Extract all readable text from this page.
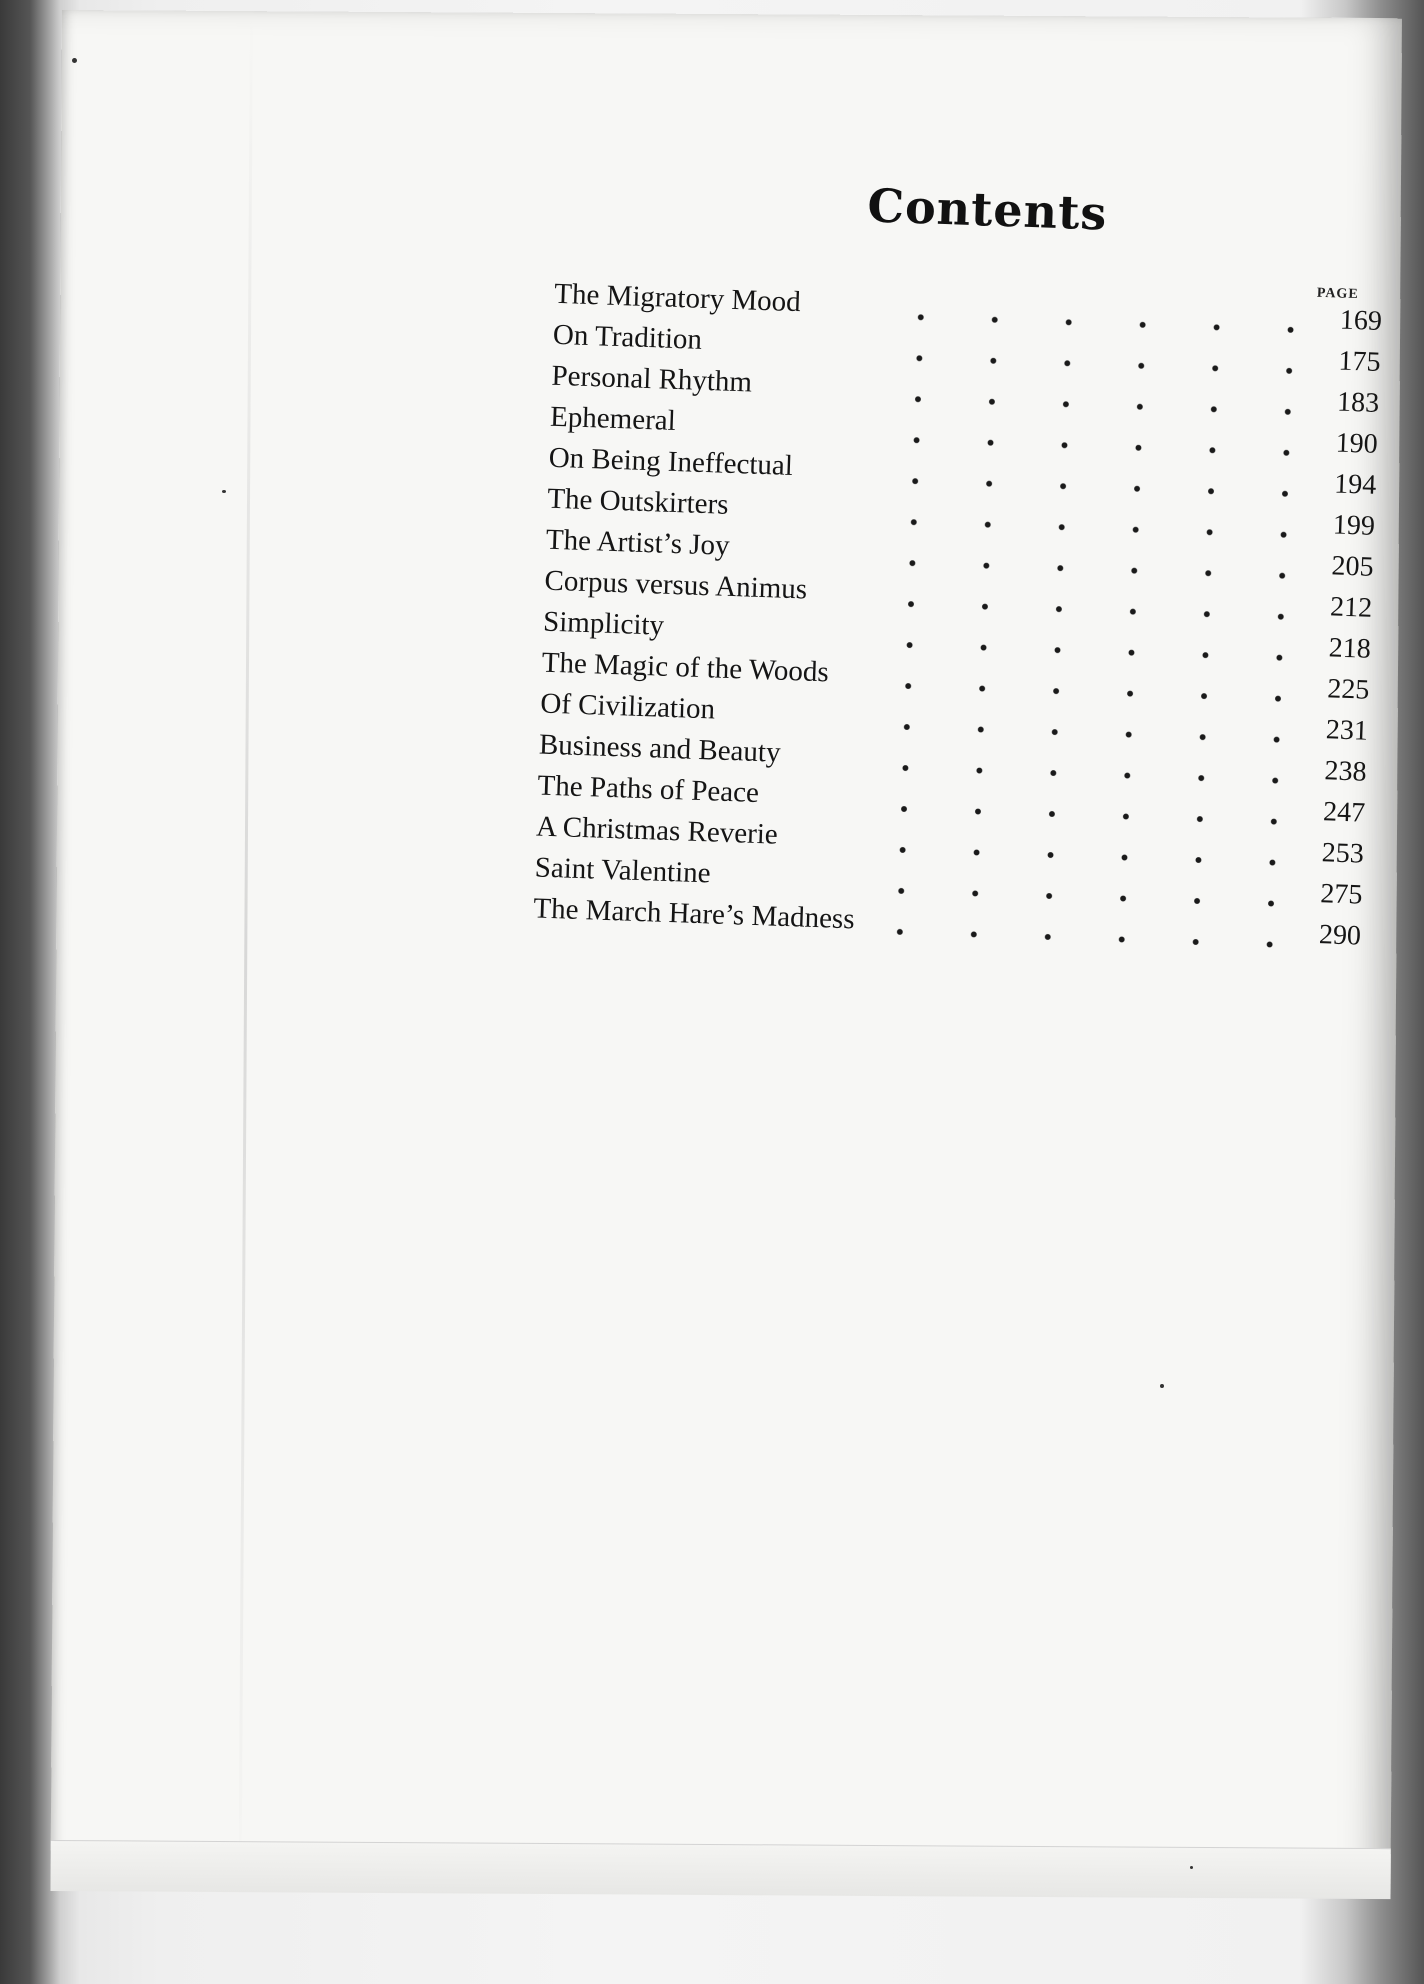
Contents
PAGE
The Migratory Mood
169
On Tradition
175
Personal Rhythm
183
Ephemeral
190
On Being Ineffectual
194
The Outskirters
199
The Artist’s Joy
205
Corpus versus Animus
212
Simplicity
218
The Magic of the Woods
225
Of Civilization
231
Business and Beauty
238
The Paths of Peace
247
A Christmas Reverie
253
Saint Valentine
275
The March Hare’s Madness
290
